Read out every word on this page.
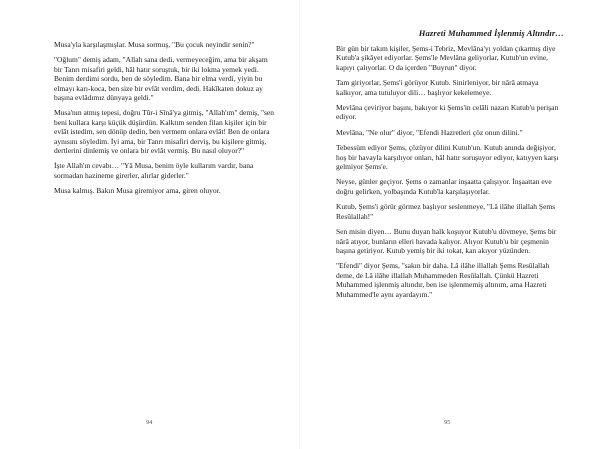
Musa'yla karşılaşmışlar. Musa sormuş, "Bu çocuk neyindir senin?"

"Oğlum" demiş adam, "Allah sana dedi, vermeyeceğim, ama bir akşam bir Tanrı misafiri geldi, hâl hatır soruştuk, bir iki lokma yemek yedi. Benim derdimi sordu, ben de söyledim. Bana bir elma verdi, yiyin bu elmayı karı-koca, ben size bir evlât verdim, dedi. Hakîkaten dokuz ay başına evlâdımız dünyaya geldi."

Musa'nın atmış tepesi, doğru Tûr-i Sînâ'ya gitmiş, "Allah'ım" demiş, "sen beni kullara karşı küçük düşürdün. Kalktım senden filan kişiler için bir evlât istedim, sen dönüp dedin, ben vermem onlara evlât! Ben de onlara aynısını söyledim. İyi ama, bir Tanrı misafiri derviş, bu kişilere gitmiş, dertlerini dinlemiş ve onlara bir evlât vermiş. Bu nasıl oluyor?"

İşte Allah'ın cevabı… "Yâ Musa, benim öyle kullarım vardır, bana sormadan hazineme girerler, alırlar giderler."

Musa kalmış. Bakın Musa giremiyor ama, giren oluyor.

94
Hazreti Muhammed İşlenmiş Altındır…

Bir gün bir takım kişiler, Şems-i Tebriz, Mevlâna'yı yoldan çıkarmış diye Kutub'a şikâyet ediyorlar. Şems'le Mevlâna geliyorlar, Kutub'un evine, kapıyı çalıyorlar. O da içerden "Buyrun" diyor.

Tam giriyorlar, Şems'i görüyor Kutub. Sinirleniyor, bir nârâ atmaya kalkıyor, ama tutuluyor dili… başlıyor kekelemeye.

Mevlâna çeviriyor başını, bakıyor ki Şems'in celâli nazarı Kutub'u perişan ediyor.

Mevlâna, "Ne olur" diyor, "Efendi Hazretleri çöz onun dilini."

Tebessüm ediyor Şems, çözüyor dilini Kutub'un. Kutub anında değişiyor, hoş bir havayla karşılıyor onları, hâl hatır soruşuyor ediyor, katıyyen karşı gelmiyor Şems'e.

Neyse, günler geçiyor. Şems o zamanlar inşaatta çalışıyor. İnşaattan eve doğru gelirken, yolbaşında Kutub'la karşılaşıyorlar.

Kutub, Şems'i görür görmez başlıyor seslenmeye, "Lâ ilâhe illallah Şems Resûlallah!"

Sen misin diyen… Bunu duyan halk koşuyor Kutub'u dövmeye, Şems bir nârâ atıyor, bunların elleri havada kalıyor. Alıyor Kutub'u bir çeşmenin başına getiriyor. Kutub yemiş bir iki tokat, kan akıyor yüzünden.

"Efendi" diyor Şems, "sakın bir daha. Lâ ilâhe illallah Şems Resûlallah deme, de Lâ ilâhe illallah Muhammeden Resûlallah. Çünkü Hazreti Muhammed işlenmiş altındır, ben ise işlenmemiş altınım, ama Hazreti Muhammed'le aynı ayardayım."

95
